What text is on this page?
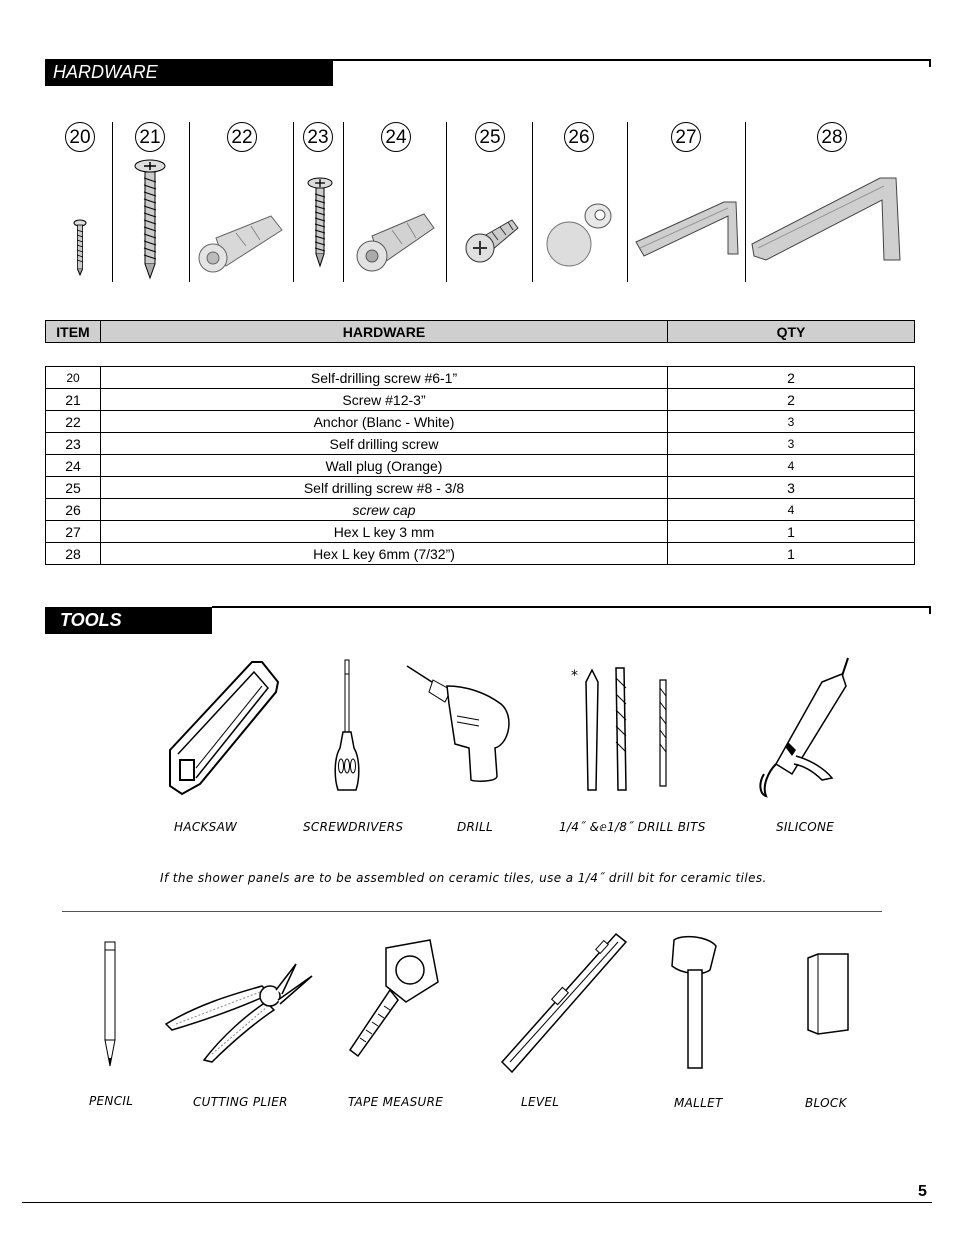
HARDWARE
20	21	22	23	24	25	26	27	28
ITEM	HARDWARE	QTY
20	Self-drilling screw #6-1”	2
21	Screw #12-3”	2
22	Anchor (Blanc - White)	3
23	Self drilling screw	3
24	Wall plug (Orange)	4
25	Self drilling screw #8 - 3/8	3
26	screw cap	4
27	Hex L key 3 mm	1
28	Hex L key 6mm (7/32”)	1
TOOLS
*
HACKSAW	SCREWDRIVERS	DRILL	1/4˝ &ⅇ1/8˝ DRILL BITS	SILICONE
If the shower panels are to be assembled on ceramic tiles, use a 1/4˝ drill bit for ceramic tiles.
PENCIL	CUTTING PLIER	TAPE MEASURE	LEVEL	MALLET	BLOCK
5
